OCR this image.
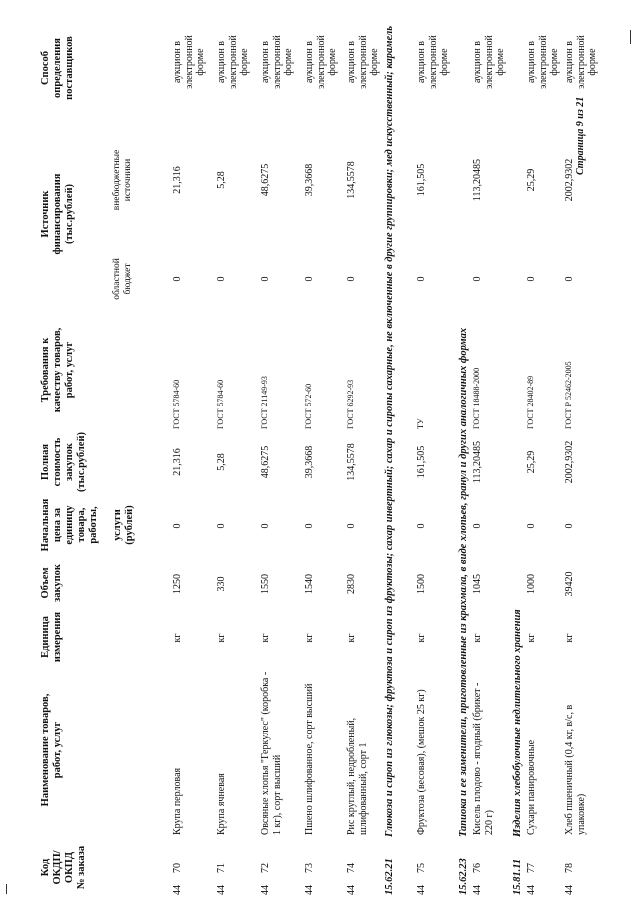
Код ОКДП/ ОКПД № заказа
Наименование товаров, работ, услуг
Единица измерения
Объем закупок
Начальная цена за единицу товара, работы,
услуги (рублей)
Полная стоимость закупок (тыс.рублей)
Требования к качеству товаров, работ, услуг
Источник финансирования (тыс.рублей)
областной бюджет
внебюджетные источники
Способ определения поставщиков
4470
Крупа перловая
кг
1250
0
21,316
ГОСТ 5784-60
0
21,316
аукцион в электронной форме
4471
Крупа ячневая
кг
330
0
5,28
ГОСТ 5784-60
0
5,28
аукцион в электронной форме
4472
Овсяные хлопья "Геркулес" (коробка - 1 кг), сорт высший
кг
1550
0
48,6275
ГОСТ 21149-93
0
48,6275
аукцион в электронной форме
4473
Пшено шлифованное, сорт высший
кг
1540
0
39,3668
ГОСТ 572-60
0
39,3668
аукцион в электронной форме
4474
Рис круглый, недробленый, шлифованный, сорт 1
кг
2830
0
134,5578
ГОСТ 6292-93
0
134,5578
аукцион в электронной форме
15.62.21Глюкоза и сироп из глюкозы; фруктоза и сироп из фруктозы; сахар инвертный; сахар и сиропы сахарные, не включенные в другие группировки; мед искусственный; карамель
4475
Фруктоза (весовая), (мешок 25 кг)
кг
1500
0
161,505
ТУ
0
161,505
аукцион в электронной форме
15.62.23Тапиока и ее заменители, приготовленные из крахмала, в виде хлопьев, гранул и других аналогичных формах
4476
Кисель плодово - ягодный (брикет - 220 г)
кг
1045
0
113,20485
ГОСТ 18488-2000
0
113,20485
аукцион в электронной форме
15.81.11Изделия хлебобулочные недлительного хранения
4477
Сухари панировочные
кг
1000
0
25,29
ГОСТ 28402-89
0
25,29
аукцион в электронной форме
4478
Хлеб пшеничный (0,4 кг, в/с, в упаковке)
кг
39420
0
2002,9302
ГОСТ Р 52462-2005
0
2002,9302
аукцион в электронной форме
Страница 9 из 21
